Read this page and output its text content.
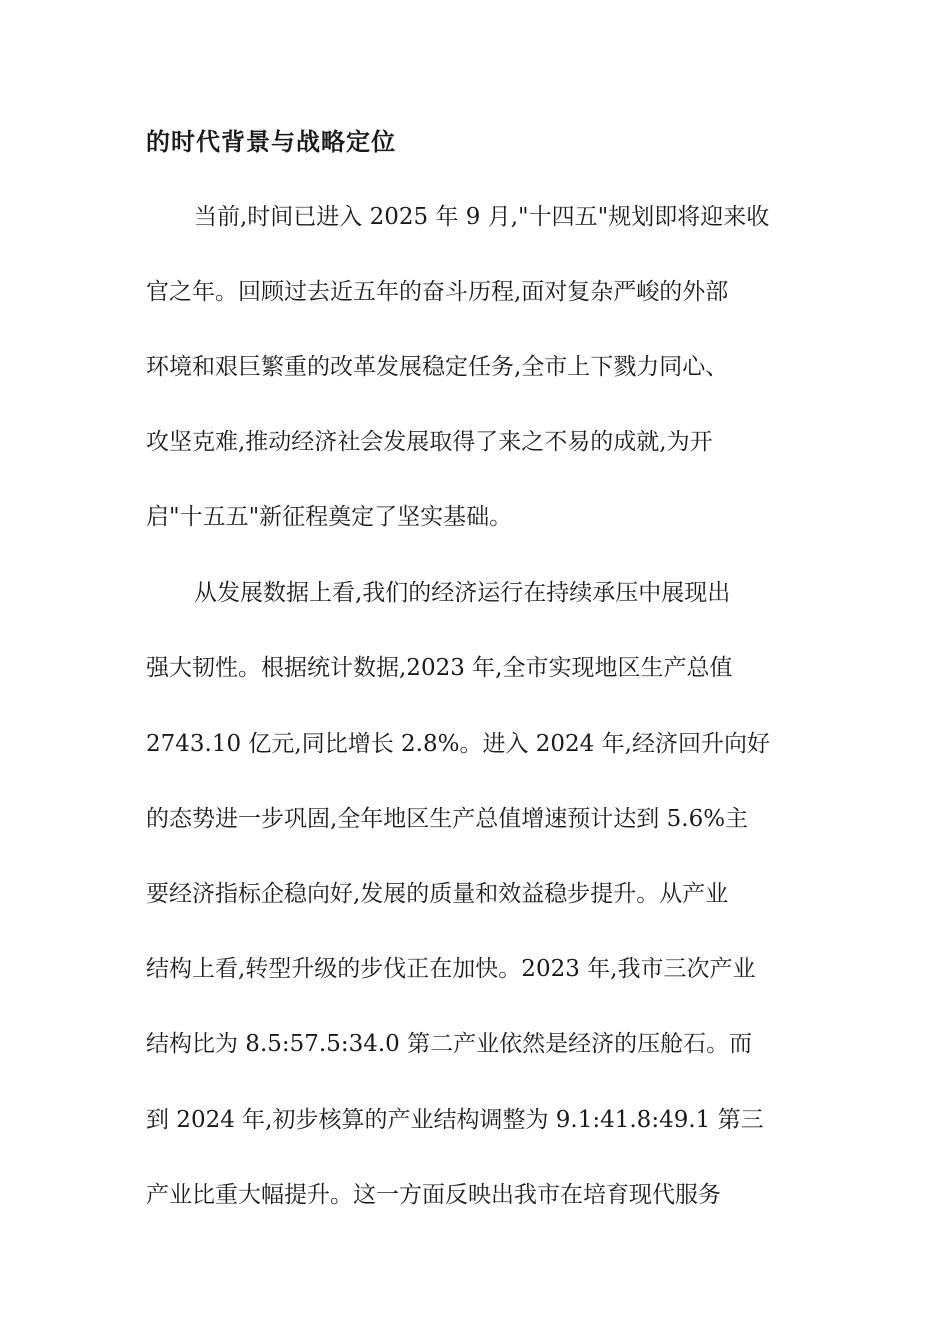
的时代背景与战略定位
当前,时间已进入 2025 年 9 月,"十四五"规划即将迎来收
官之年。回顾过去近五年的奋斗历程,面对复杂严峻的外部
环境和艰巨繁重的改革发展稳定任务,全市上下戮力同心、
攻坚克难,推动经济社会发展取得了来之不易的成就,为开
启"十五五"新征程奠定了坚实基础。
从发展数据上看,我们的经济运行在持续承压中展现出
强大韧性。根据统计数据,2023 年,全市实现地区生产总值
2743.10 亿元,同比增长 2.8%。进入 2024 年,经济回升向好
的态势进一步巩固,全年地区生产总值增速预计达到 5.6%主
要经济指标企稳向好,发展的质量和效益稳步提升。从产业
结构上看,转型升级的步伐正在加快。2023 年,我市三次产业
结构比为 8.5:57.5:34.0 第二产业依然是经济的压舱石。而
到 2024 年,初步核算的产业结构调整为 9.1:41.8:49.1 第三
产业比重大幅提升。这一方面反映出我市在培育现代服务
